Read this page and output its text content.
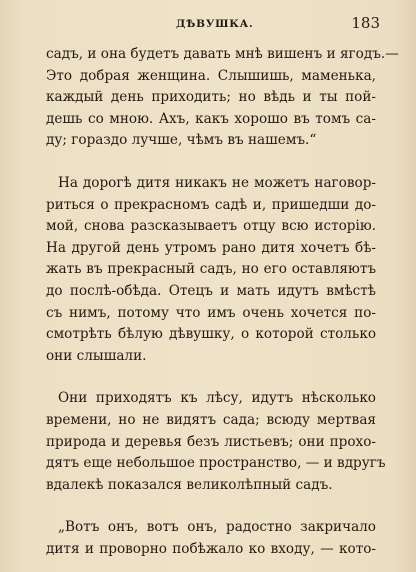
ДѢВУШКА.	183

садъ, и она будетъ давать мнѣ вишенъ и ягодъ.—
Это добрая женщина. Слышишь, маменька,
каждый день приходить; но вѣдь и ты пой-
дешь со мною. Ахъ, какъ хорошо въ томъ са-
ду; гораздо лучше, чѣмъ въ нашемъ.“

На дорогѣ дитя никакъ не можетъ наговор-
риться о прекрасномъ садѣ и, пришедши до-
мой, снова разсказываетъ отцу всю исторію.
На другой день утромъ рано дитя хочетъ бѣ-
жать въ прекрасный садъ, но его оставляютъ
до послѣ-обѣда. Отецъ и мать идутъ вмѣстѣ
съ нимъ, потому что имъ очень хочется по-
смотрѣть бѣлую дѣвушку, о которой столько
они слышали.

Они приходятъ къ лѣсу, идутъ нѣсколько
времени, но не видятъ сада; всюду мертвая
природа и деревья безъ листьевъ; они прохо-
дятъ еще небольшое пространство, — и вдругъ
вдалекѣ показался великолѣпный садъ.

„Вотъ онъ, вотъ онъ, радостно закричало
дитя и проворно побѣжало ко входу, — кото-
